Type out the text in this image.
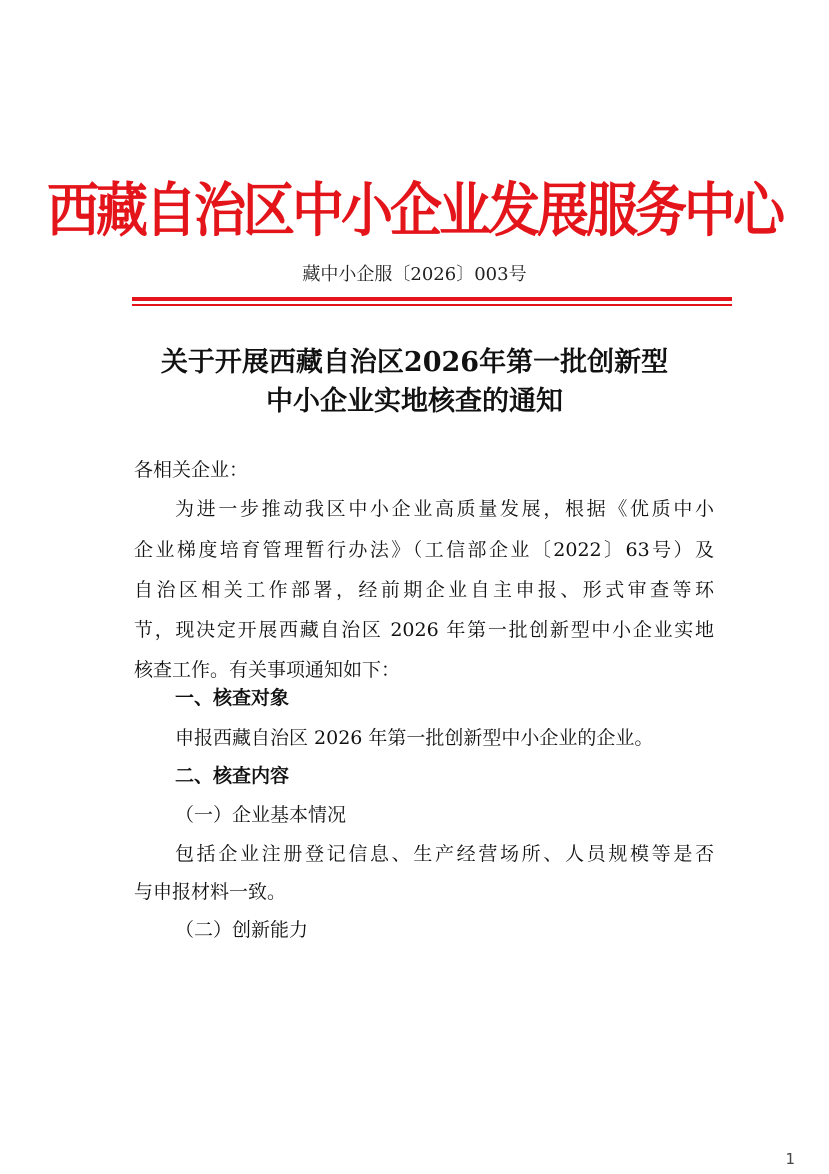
西藏自治区中小企业发展服务中心
藏中小企服〔2026〕003号
关于开展西藏自治区2026年第一批创新型
中小企业实地核查的通知
各相关企业：
为进一步推动我区中小企业高质量发展，根据《优质中小
企业梯度培育管理暂行办法》（工信部企业〔2022〕63号）及
自治区相关工作部署，经前期企业自主申报、形式审查等环
节，现决定开展西藏自治区 2026 年第一批创新型中小企业实地
核查工作。有关事项通知如下：
一、核查对象
申报西藏自治区 2026 年第一批创新型中小企业的企业。
二、核查内容
（一）企业基本情况
包括企业注册登记信息、生产经营场所、人员规模等是否
与申报材料一致。
（二）创新能力
1
